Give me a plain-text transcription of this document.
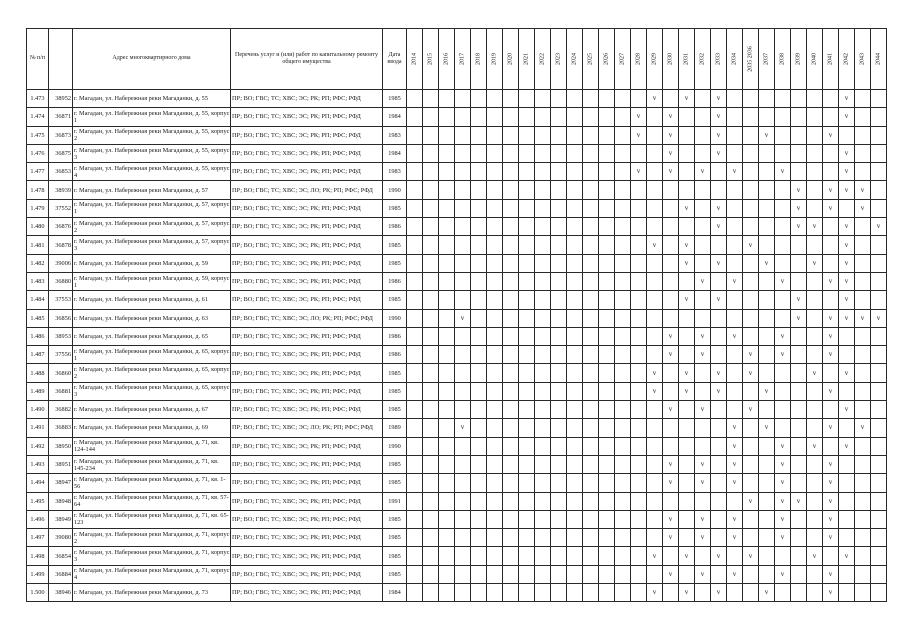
№ п/п		Адрес многоквартирного дома	Перечень услуг и (или) работ по капитальному ремонту общего имущества	Дата ввода	2014	2015	2016	2017	2018	2019	2020	2021	2022	2023	2024	2025	2026	2027	2028	2029	2030	2031	2032	2033	2034	2035 2036	2037	2038	2039	2040	2041	2042	2043	2044

1.473	38952	г. Магадан, ул. Набережная реки Магаданки, д. 55	ПР; ВО; ГВС; ТС; ХВС; ЭС; РК; РП; РФС; РФД	1985																v		v		v								v		
1.474	36871	г. Магадан, ул. Набережная реки Магаданки, д. 55, корпус 1	ПР; ВО; ГВС; ТС; ХВС; ЭС; РК; РП; РФС; РФД	1984															v		v			v								v		
1.475	36873	г. Магадан, ул. Набережная реки Магаданки, д. 55, корпус 2	ПР; ВО; ГВС; ТС; ХВС; ЭС; РК; РП; РФС; РФД	1983															v		v			v			v				v			
1.476	36875	г. Магадан, ул. Набережная реки Магаданки, д. 55, корпус 3	ПР; ВО; ГВС; ТС; ХВС; ЭС; РК; РП; РФС; РФД	1984																	v			v								v		
1.477	36853	г. Магадан, ул. Набережная реки Магаданки, д. 55, корпус 4	ПР; ВО; ГВС; ТС; ХВС; ЭС; РК; РП; РФС; РФД	1983															v		v		v		v			v				v		
1.478	38939	г. Магадан, ул. Набережная реки Магаданки, д. 57	ПР; ВО; ГВС; ТС; ХВС; ЭС; ЛО; РК; РП; РФС; РФД	1990																									v		v	v	v	
1.479	37552	г. Магадан, ул. Набережная реки Магаданки, д. 57, корпус 1	ПР; ВО; ГВС; ТС; ХВС; ЭС; РК; РП; РФС; РФД	1985																		v		v					v		v		v	
1.480	36876	г. Магадан, ул. Набережная реки Магаданки, д. 57, корпус 2	ПР; ВО; ГВС; ТС; ХВС; ЭС; РК; РП; РФС; РФД	1986																				v					v	v		v		v
1.481	36878	г. Магадан, ул. Набережная реки Магаданки, д. 57, корпус 3	ПР; ВО; ГВС; ТС; ХВС; ЭС; РК; РП; РФС; РФД	1985																v		v				v						v		
1.482	39006	г. Магадан, ул. Набережная реки Магаданки, д. 59	ПР; ВО; ГВС; ТС; ХВС; ЭС; РК; РП; РФС; РФД	1985																		v		v			v			v		v		
1.483	36880	г. Магадан, ул. Набережная реки Магаданки, д. 59, корпус 1	ПР; ВО; ГВС; ТС; ХВС; ЭС; РК; РП; РФС; РФД	1986																			v		v			v			v	v		
1.484	37553	г. Магадан, ул. Набережная реки Магаданки, д. 61	ПР; ВО; ГВС; ТС; ХВС; ЭС; РК; РП; РФС; РФД	1985																		v		v					v			v		
1.485	36856	г. Магадан, ул. Набережная реки Магаданки, д. 63	ПР; ВО; ГВС; ТС; ХВС; ЭС; ЛО; РК; РП; РФС; РФД	1990				v																					v		v	v	v	v
1.486	38953	г. Магадан, ул. Набережная реки Магаданки, д. 65	ПР; ВО; ГВС; ТС; ХВС; ЭС; РК; РП; РФС; РФД	1986																	v		v		v			v			v			
1.487	37556	г. Магадан, ул. Набережная реки Магаданки, д. 65, корпус 1	ПР; ВО; ГВС; ТС; ХВС; ЭС; РК; РП; РФС; РФД	1986																	v		v			v		v			v			
1.488	36860	г. Магадан, ул. Набережная реки Магаданки, д. 65, корпус 2	ПР; ВО; ГВС; ТС; ХВС; ЭС; РК; РП; РФС; РФД	1985																v		v		v		v				v		v		
1.489	36881	г. Магадан, ул. Набережная реки Магаданки, д. 65, корпус 3	ПР; ВО; ГВС; ТС; ХВС; ЭС; РК; РП; РФС; РФД	1985																v		v		v			v				v			
1.490	36882	г. Магадан, ул. Набережная реки Магаданки, д. 67	ПР; ВО; ГВС; ТС; ХВС; ЭС; РК; РП; РФС; РФД	1985																	v		v			v						v		
1.491	36883	г. Магадан, ул. Набережная реки Магаданки, д. 69	ПР; ВО; ГВС; ТС; ХВС; ЭС; ЛО; РК; РП; РФС; РФД	1989				v																	v		v				v		v	
1.492	38950	г. Магадан, ул. Набережная реки Магаданки, д. 71, кв. 124-144	ПР; ВО; ГВС; ТС; ХВС; ЭС; РК; РП; РФС; РФД	1990																					v			v		v		v		
1.493	38951	г. Магадан, ул. Набережная реки Магаданки, д. 71, кв. 145-234	ПР; ВО; ГВС; ТС; ХВС; ЭС; РК; РП; РФС; РФД	1985																	v		v		v			v			v			
1.494	38947	г. Магадан, ул. Набережная реки Магаданки, д. 71, кв. 1-56	ПР; ВО; ГВС; ТС; ХВС; ЭС; РК; РП; РФС; РФД	1985																	v		v		v			v			v			
1.495	38948	г. Магадан, ул. Набережная реки Магаданки, д. 71, кв. 57-64	ПР; ВО; ГВС; ТС; ХВС; ЭС; РК; РП; РФС; РФД	1991																						v		v	v		v			
1.496	38949	г. Магадан, ул. Набережная реки Магаданки, д. 71, кв. 65-123	ПР; ВО; ГВС; ТС; ХВС; ЭС; РК; РП; РФС; РФД	1985																	v		v		v			v			v			
1.497	39080	г. Магадан, ул. Набережная реки Магаданки, д. 71, корпус 2	ПР; ВО; ГВС; ТС; ХВС; ЭС; РК; РП; РФС; РФД	1985																	v		v		v			v			v			
1.498	36854	г. Магадан, ул. Набережная реки Магаданки, д. 71, корпус 3	ПР; ВО; ГВС; ТС; ХВС; ЭС; РК; РП; РФС; РФД	1985																v		v		v		v				v		v		
1.499	36884	г. Магадан, ул. Набережная реки Магаданки, д. 71, корпус 4	ПР; ВО; ГВС; ТС; ХВС; ЭС; РК; РП; РФС; РФД	1985																	v		v		v			v			v			
1.500	38946	г. Магадан, ул. Набережная реки Магаданки, д. 73	ПР; ВО; ГВС; ТС; ХВС; ЭС; РК; РП; РФС; РФД	1984																v		v		v			v				v			
